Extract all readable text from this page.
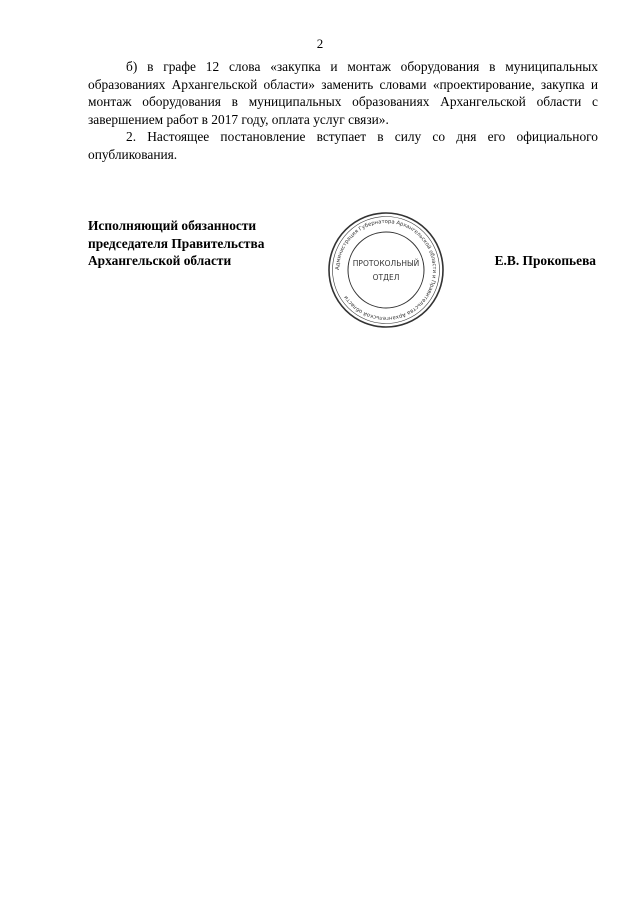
2

б) в графе 12 слова «закупка и монтаж оборудования в муниципальных образованиях Архангельской области» заменить словами «проектирование, закупка и монтаж оборудования в муниципальных образованиях Архангельской области с завершением работ в 2017 году, оплата услуг связи».

2. Настоящее постановление вступает в силу со дня его официального опубликования.

Исполняющий обязанности
председателя Правительства
Архангельской области	Е.В. Прокопьева
Администрация Губернатора Архангельской области и Правительства Архангельской области
ПРОТОКОЛЬНЫЙ
ОТДЕЛ
